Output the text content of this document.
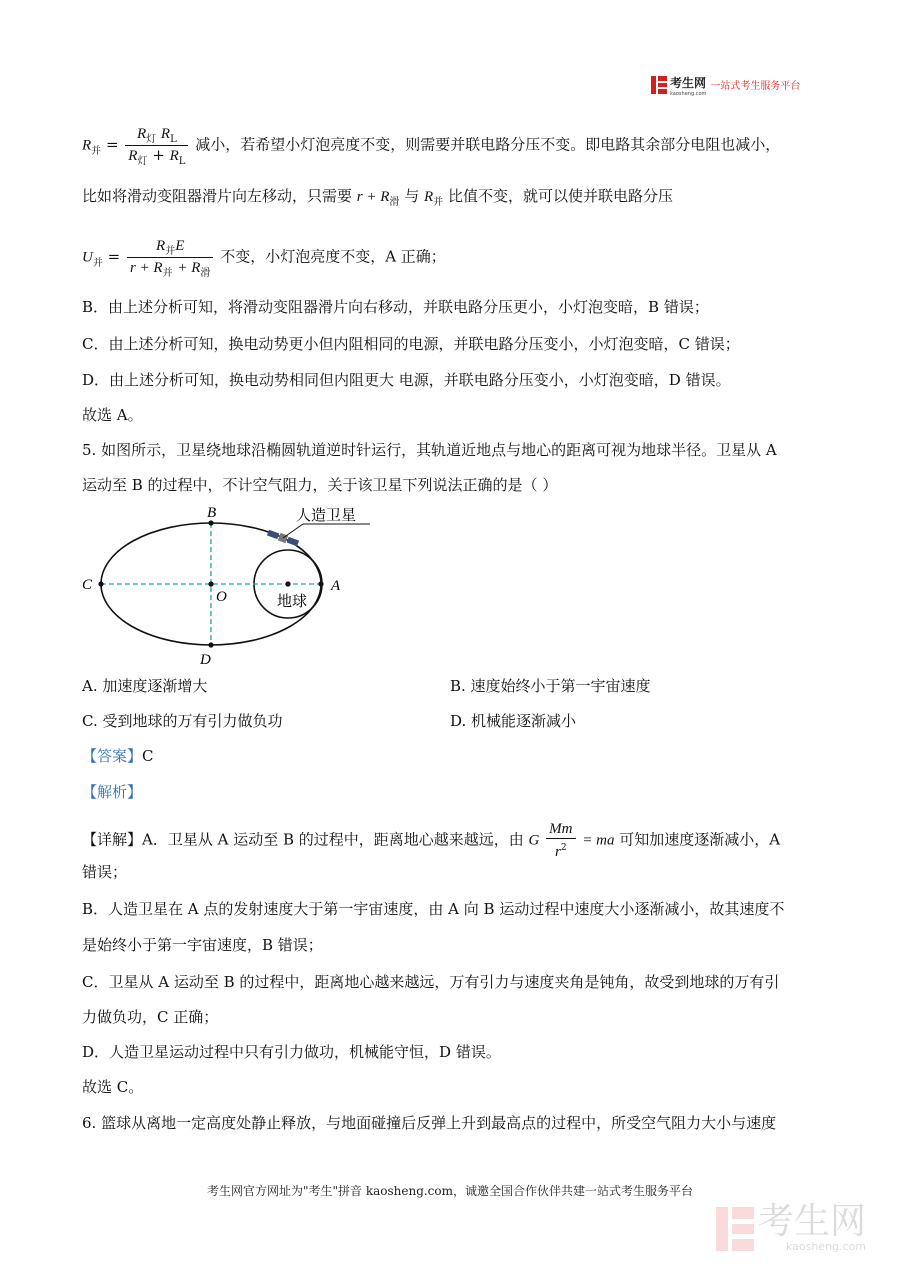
考生网
kaosheng.com
一站式考生服务平台
$R_并 = \frac{R_灯 R_L}{R_灯 + R_L}$ 减小，若希望小灯泡亮度不变，则需要并联电路分压不变。即电路其余部分电阻也减小，
比如将滑动变阻器滑片向左移动，只需要 $r + R_滑$ 与 $R_并$ 比值不变，就可以使并联电路分压
$U_并 = \frac{R_并E}{r + R_并 + R_滑}$ 不变，小灯泡亮度不变，A 正确；
B．由上述分析可知，将滑动变阻器滑片向右移动，并联电路分压更小，小灯泡变暗，B 错误；
C．由上述分析可知，换电动势更小但内阻相同的电源，并联电路分压变小，小灯泡变暗，C 错误；
D．由上述分析可知，换电动势相同但内阻更大 电源，并联电路分压变小，小灯泡变暗，D 错误。
故选 A。
5. 如图所示，卫星绕地球沿椭圆轨道逆时针运行，其轨道近地点与地心的距离可视为地球半径。卫星从 A
运动至 B 的过程中，不计空气阻力，关于该卫星下列说法正确的是（ ）
B
C
O
A
D
地球
人造卫星
A. 加速度逐渐增大	B. 速度始终小于第一宇宙速度
C. 受到地球的万有引力做负功	D. 机械能逐渐减小
【答案】C
【解析】
【详解】A．卫星从 A 运动至 B 的过程中，距离地心越来越远，由 G $\frac{Mm}{r^2}$ = ma 可知加速度逐渐减小，A
错误；
B．人造卫星在 A 点的发射速度大于第一宇宙速度，由 A 向 B 运动过程中速度大小逐渐减小，故其速度不
是始终小于第一宇宙速度，B 错误；
C．卫星从 A 运动至 B 的过程中，距离地心越来越远，万有引力与速度夹角是钝角，故受到地球的万有引
力做负功，C 正确；
D．人造卫星运动过程中只有引力做功，机械能守恒，D 错误。
故选 C。
6. 篮球从离地一定高度处静止释放，与地面碰撞后反弹上升到最高点的过程中，所受空气阻力大小与速度
考生网官方网址为"考生"拼音 kaosheng.com，诚邀全国合作伙伴共建一站式考生服务平台
考生网
kaosheng.com
